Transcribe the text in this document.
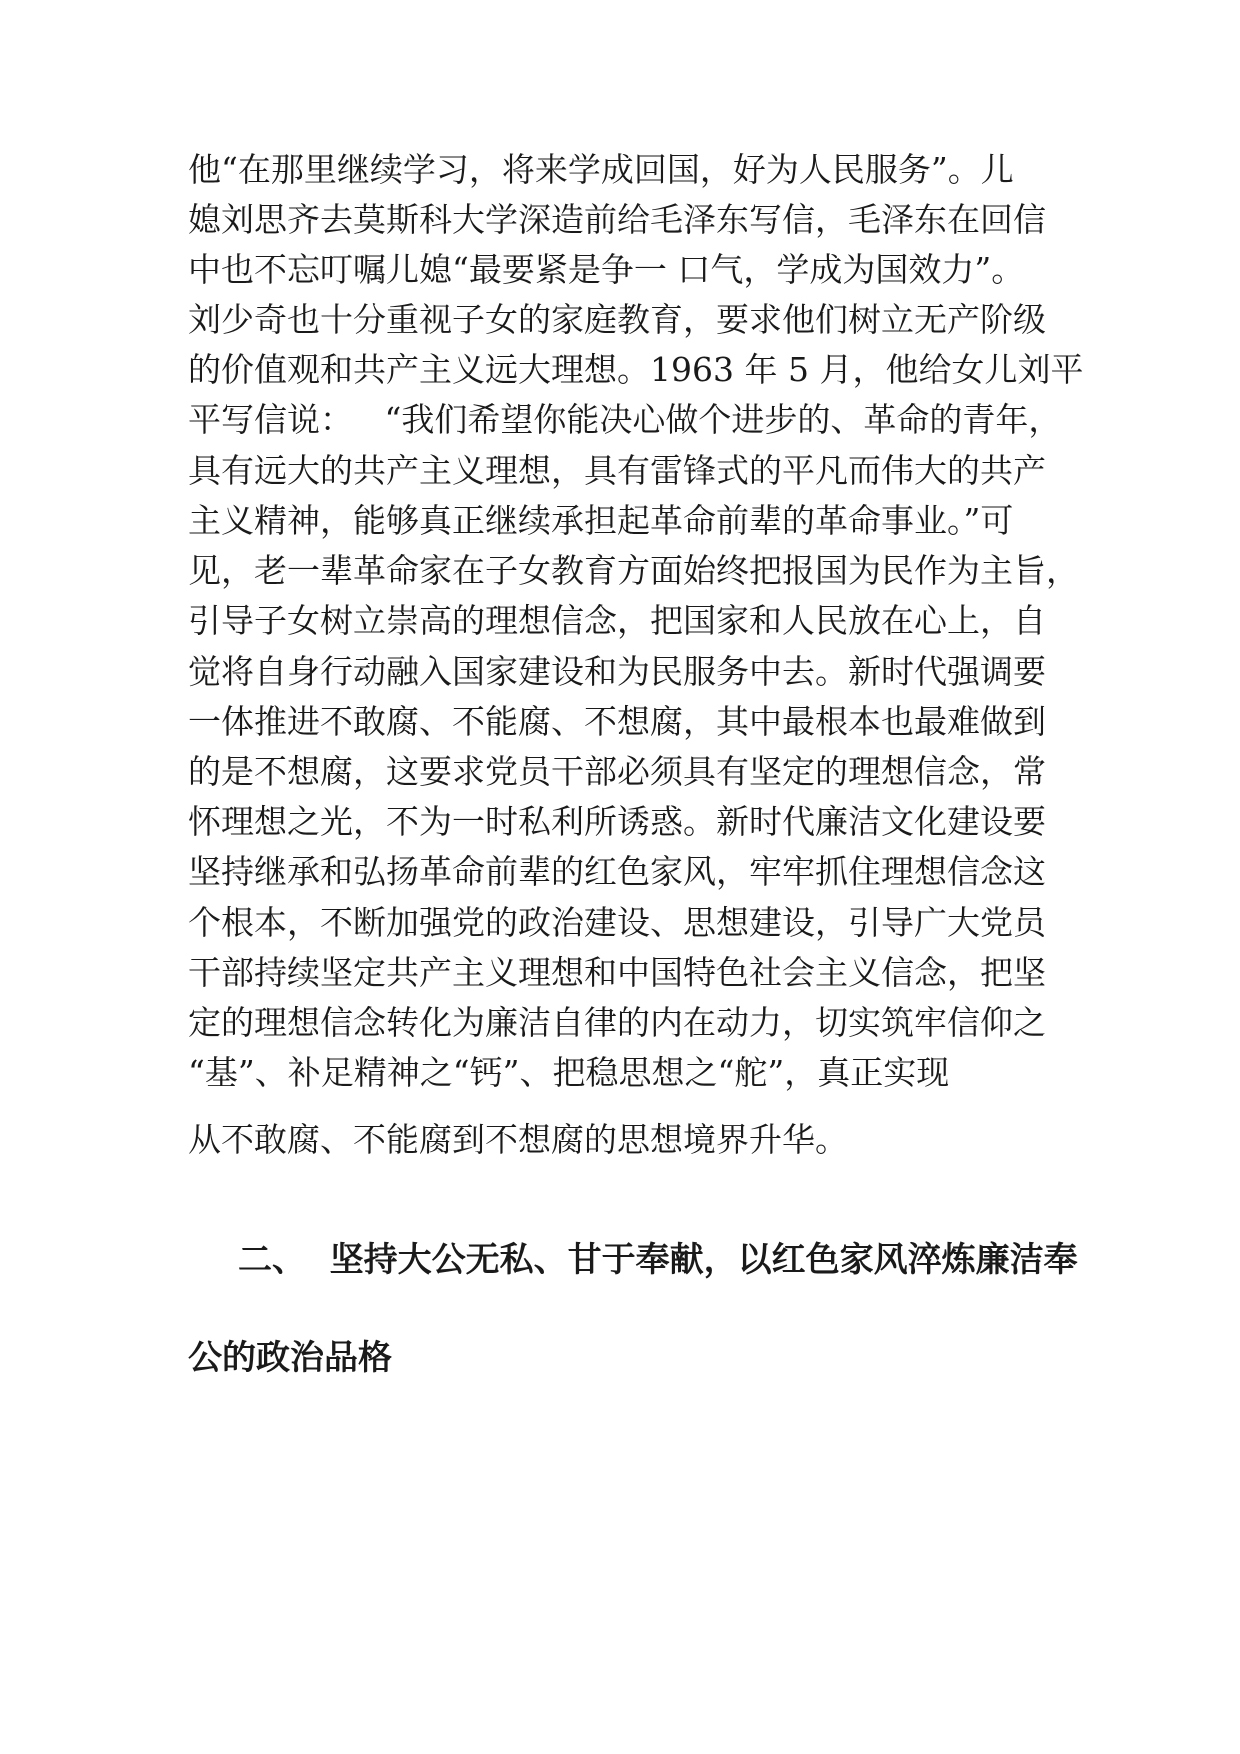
他“在那里继续学习，将来学成回国，好为人民服务”。儿
媳刘思齐去莫斯科大学深造前给毛泽东写信，毛泽东在回信
中也不忘叮嘱儿媳“最要紧是争一 口气，学成为国效力”。
刘少奇也十分重视子女的家庭教育，要求他们树立无产阶级
的价值观和共产主义远大理想。1963 年 5 月，他给女儿刘平
平写信说：   “我们希望你能决心做个进步的、革命的青年，
具有远大的共产主义理想，具有雷锋式的平凡而伟大的共产
主义精神，能够真正继续承担起革命前辈的革命事业。”可
见，老一辈革命家在子女教育方面始终把报国为民作为主旨，
引导子女树立崇高的理想信念，把国家和人民放在心上，自
觉将自身行动融入国家建设和为民服务中去。新时代强调要
一体推进不敢腐、不能腐、不想腐，其中最根本也最难做到
的是不想腐，这要求党员干部必须具有坚定的理想信念，常
怀理想之光，不为一时私利所诱惑。新时代廉洁文化建设要
坚持继承和弘扬革命前辈的红色家风，牢牢抓住理想信念这
个根本，不断加强党的政治建设、思想建设，引导广大党员
干部持续坚定共产主义理想和中国特色社会主义信念，把坚
定的理想信念转化为廉洁自律的内在动力，切实筑牢信仰之
“基”、补足精神之“钙”、把稳思想之“舵”，真正实现
从不敢腐、不能腐到不想腐的思想境界升华。
二、  坚持大公无私、甘于奉献，以红色家风淬炼廉洁奉
公的政治品格
